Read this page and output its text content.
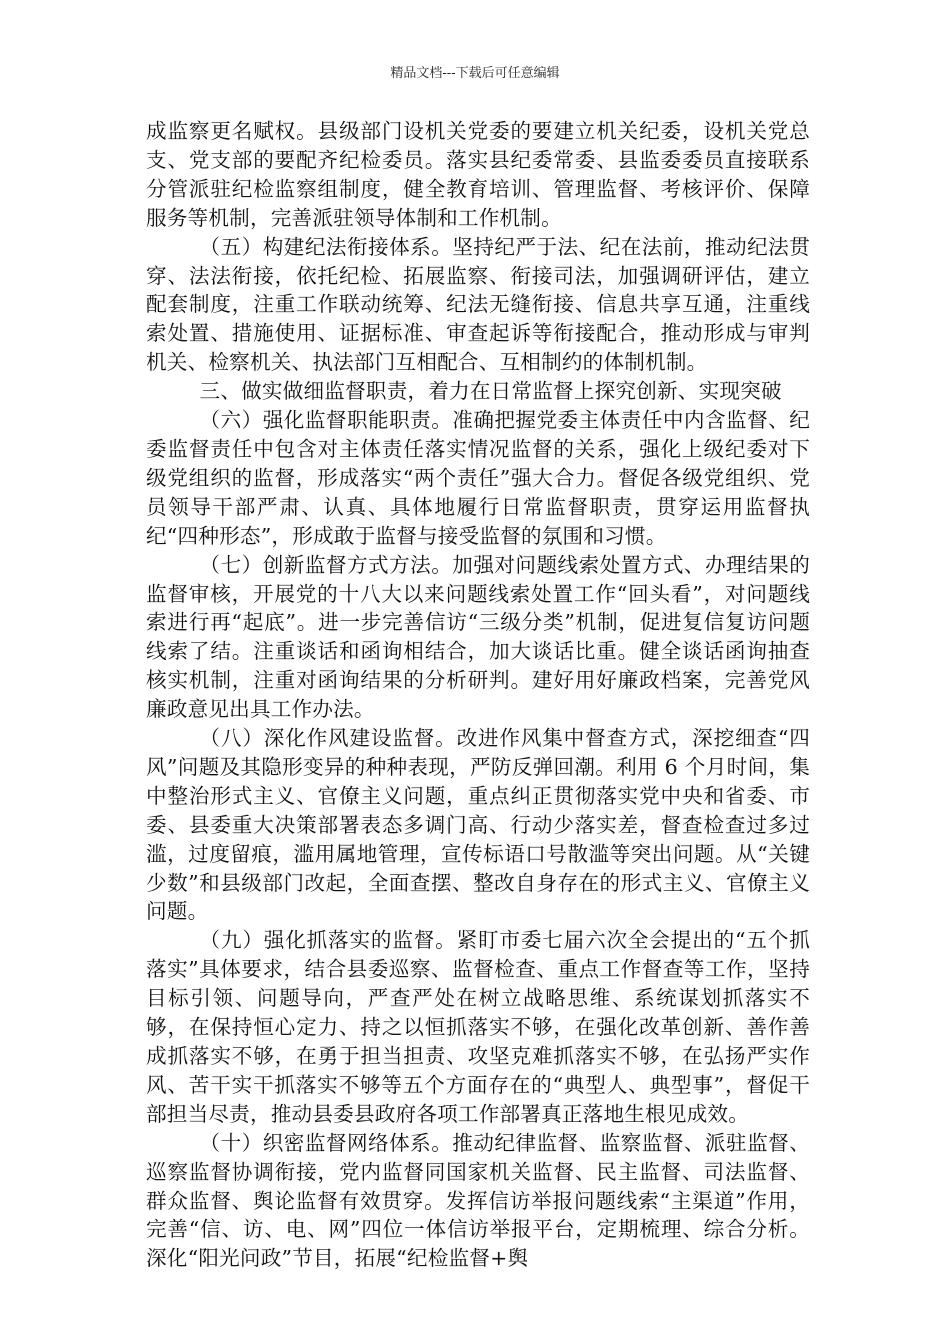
精品文档---下载后可任意编辑

成监察更名赋权。县级部门设机关党委的要建立机关纪委，设机关党总支、党支部的要配齐纪检委员。落实县纪委常委、县监委委员直接联系分管派驻纪检监察组制度，健全教育培训、管理监督、考核评价、保障服务等机制，完善派驻领导体制和工作机制。

（五）构建纪法衔接体系。坚持纪严于法、纪在法前，推动纪法贯穿、法法衔接，依托纪检、拓展监察、衔接司法，加强调研评估，建立配套制度，注重工作联动统筹、纪法无缝衔接、信息共享互通，注重线索处置、措施使用、证据标准、审查起诉等衔接配合，推动形成与审判机关、检察机关、执法部门互相配合、互相制约的体制机制。

三、做实做细监督职责，着力在日常监督上探究创新、实现突破

（六）强化监督职能职责。准确把握党委主体责任中内含监督、纪委监督责任中包含对主体责任落实情况监督的关系，强化上级纪委对下级党组织的监督，形成落实“两个责任”强大合力。督促各级党组织、党员领导干部严肃、认真、具体地履行日常监督职责，贯穿运用监督执纪“四种形态”，形成敢于监督与接受监督的氛围和习惯。

（七）创新监督方式方法。加强对问题线索处置方式、办理结果的监督审核，开展党的十八大以来问题线索处置工作“回头看”，对问题线索进行再“起底”。进一步完善信访“三级分类”机制，促进复信复访问题线索了结。注重谈话和函询相结合，加大谈话比重。健全谈话函询抽查核实机制，注重对函询结果的分析研判。建好用好廉政档案，完善党风廉政意见出具工作办法。

（八）深化作风建设监督。改进作风集中督查方式，深挖细查“四风”问题及其隐形变异的种种表现，严防反弹回潮。利用 6 个月时间，集中整治形式主义、官僚主义问题，重点纠正贯彻落实党中央和省委、市委、县委重大决策部署表态多调门高、行动少落实差，督查检查过多过滥，过度留痕，滥用属地管理，宣传标语口号散滥等突出问题。从“关键少数”和县级部门改起，全面查摆、整改自身存在的形式主义、官僚主义问题。

（九）强化抓落实的监督。紧盯市委七届六次全会提出的“五个抓落实”具体要求，结合县委巡察、监督检查、重点工作督查等工作，坚持目标引领、问题导向，严查严处在树立战略思维、系统谋划抓落实不够，在保持恒心定力、持之以恒抓落实不够，在强化改革创新、善作善成抓落实不够，在勇于担当担责、攻坚克难抓落实不够，在弘扬严实作风、苦干实干抓落实不够等五个方面存在的“典型人、典型事”，督促干部担当尽责，推动县委县政府各项工作部署真正落地生根见成效。

（十）织密监督网络体系。推动纪律监督、监察监督、派驻监督、巡察监督协调衔接，党内监督同国家机关监督、民主监督、司法监督、群众监督、舆论监督有效贯穿。发挥信访举报问题线索“主渠道”作用，完善“信、访、电、网”四位一体信访举报平台，定期梳理、综合分析。深化“阳光问政”节目，拓展“纪检监督+舆
